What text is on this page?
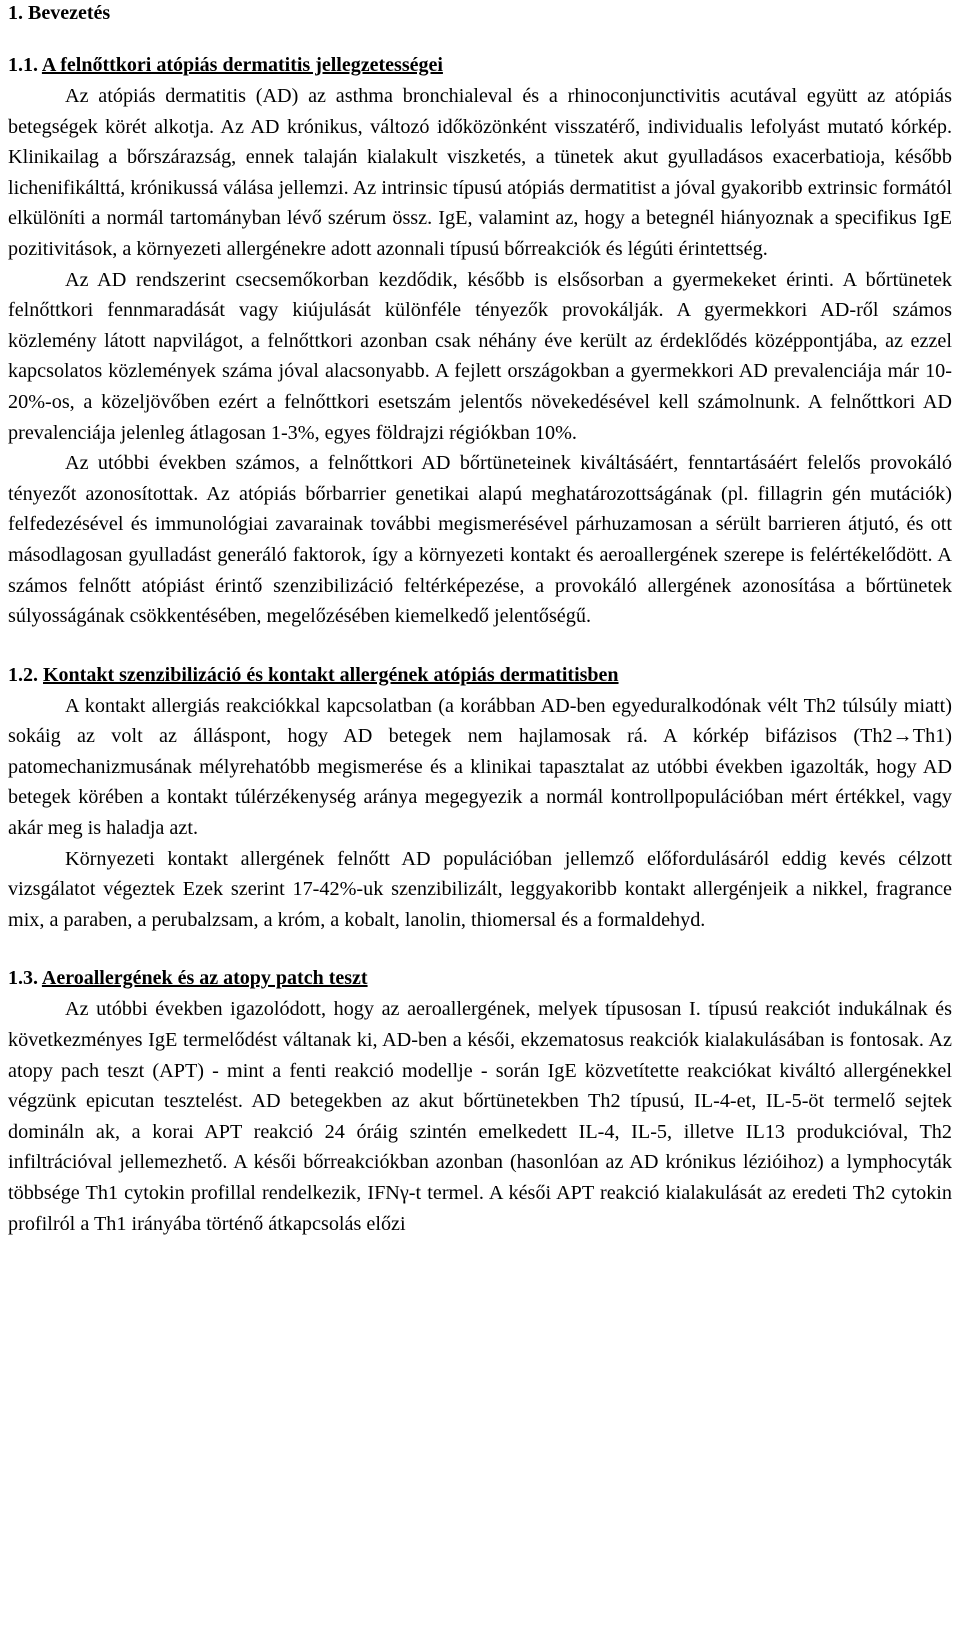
1. Bevezetés
1.1. A felnőttkori atópiás dermatitis jellegzetességei

Az atópiás dermatitis (AD) az asthma bronchialeval és a rhinoconjunctivitis acutával együtt az atópiás betegségek körét alkotja. Az AD krónikus, változó időközönként visszatérő, individualis lefolyást mutató kórkép. Klinikailag a bőrszárazság, ennek talaján kialakult viszketés, a tünetek akut gyulladásos exacerbatioja, később lichenifikálttá, krónikussá válása jellemzi. Az intrinsic típusú atópiás dermatitist a jóval gyakoribb extrinsic formától elkülöníti a normál tartományban lévő szérum össz. IgE, valamint az, hogy a betegnél hiányoznak a specifikus IgE pozitivitások, a környezeti allergénekre adott azonnali típusú bőrreakciók és légúti érintettség.

Az AD rendszerint csecsemőkorban kezdődik, később is elsősorban a gyermekeket érinti. A bőrtünetek felnőttkori fennmaradását vagy kiújulását különféle tényezők provokálják. A gyermekkori AD-ről számos közlemény látott napvilágot, a felnőttkori azonban csak néhány éve került az érdeklődés középpontjába, az ezzel kapcsolatos közlemények száma jóval alacsonyabb. A fejlett országokban a gyermekkori AD prevalenciája már 10-20%-os, a közeljövőben ezért a felnőttkori esetszám jelentős növekedésével kell számolnunk. A felnőttkori AD prevalenciája jelenleg átlagosan 1-3%, egyes földrajzi régiókban 10%.

Az utóbbi években számos, a felnőttkori AD bőrtüneteinek kiváltásáért, fenntartásáért felelős provokáló tényezőt azonosítottak. Az atópiás bőrbarrier genetikai alapú meghatározottságának (pl. fillagrin gén mutációk) felfedezésével és immunológiai zavarainak további megismerésével párhuzamosan a sérült barrieren átjutó, és ott másodlagosan gyulladást generáló faktorok, így a környezeti kontakt és aeroallergének szerepe is felértékelődött. A számos felnőtt atópiást érintő szenzibilizáció feltérképezése, a provokáló allergének azonosítása a bőrtünetek súlyosságának csökkentésében, megelőzésében kiemelkedő jelentőségű.

1.2. Kontakt szenzibilizáció és kontakt allergének atópiás dermatitisben

A kontakt allergiás reakciókkal kapcsolatban (a korábban AD-ben egyeduralkodónak vélt Th2 túlsúly miatt) sokáig az volt az álláspont, hogy AD betegek nem hajlamosak rá. A kórkép bifázisos (Th2→Th1) patomechanizmusának mélyrehatóbb megismerése és a klinikai tapasztalat az utóbbi években igazolták, hogy AD betegek körében a kontakt túlérzékenység aránya megegyezik a normál kontrollpopulációban mért értékkel, vagy akár meg is haladja azt.

Környezeti kontakt allergének felnőtt AD populációban jellemző előfordulásáról eddig kevés célzott vizsgálatot végeztek Ezek szerint 17-42%-uk szenzibilizált, leggyakoribb kontakt allergénjeik a nikkel, fragrance mix, a paraben, a perubalzsam, a króm, a kobalt, lanolin, thiomersal és a formaldehyd.

1.3. Aeroallergének és az atopy patch teszt

Az utóbbi években igazolódott, hogy az aeroallergének, melyek típusosan I. típusú reakciót indukálnak és következményes IgE termelődést váltanak ki, AD-ben a késői, ekzematosus reakciók kialakulásában is fontosak. Az atopy pach teszt (APT) - mint a fenti reakció modellje - során IgE közvetítette reakciókat kiváltó allergénekkel végzünk epicutan tesztelést. AD betegekben az akut bőrtünetekben Th2 típusú, IL-4-et, IL-5-öt termelő sejtek domináln ak, a korai APT reakció 24 óráig szintén emelkedett IL-4, IL-5, illetve IL13 produkcióval, Th2 infiltrációval jellemezhető. A késői bőrreakciókban azonban (hasonlóan az AD krónikus lézióihoz) a lymphocyták többsége Th1 cytokin profillal rendelkezik, IFNγ-t termel. A késői APT reakció kialakulását az eredeti Th2 cytokin profilról a Th1 irányába történő átkapcsolás előzi
